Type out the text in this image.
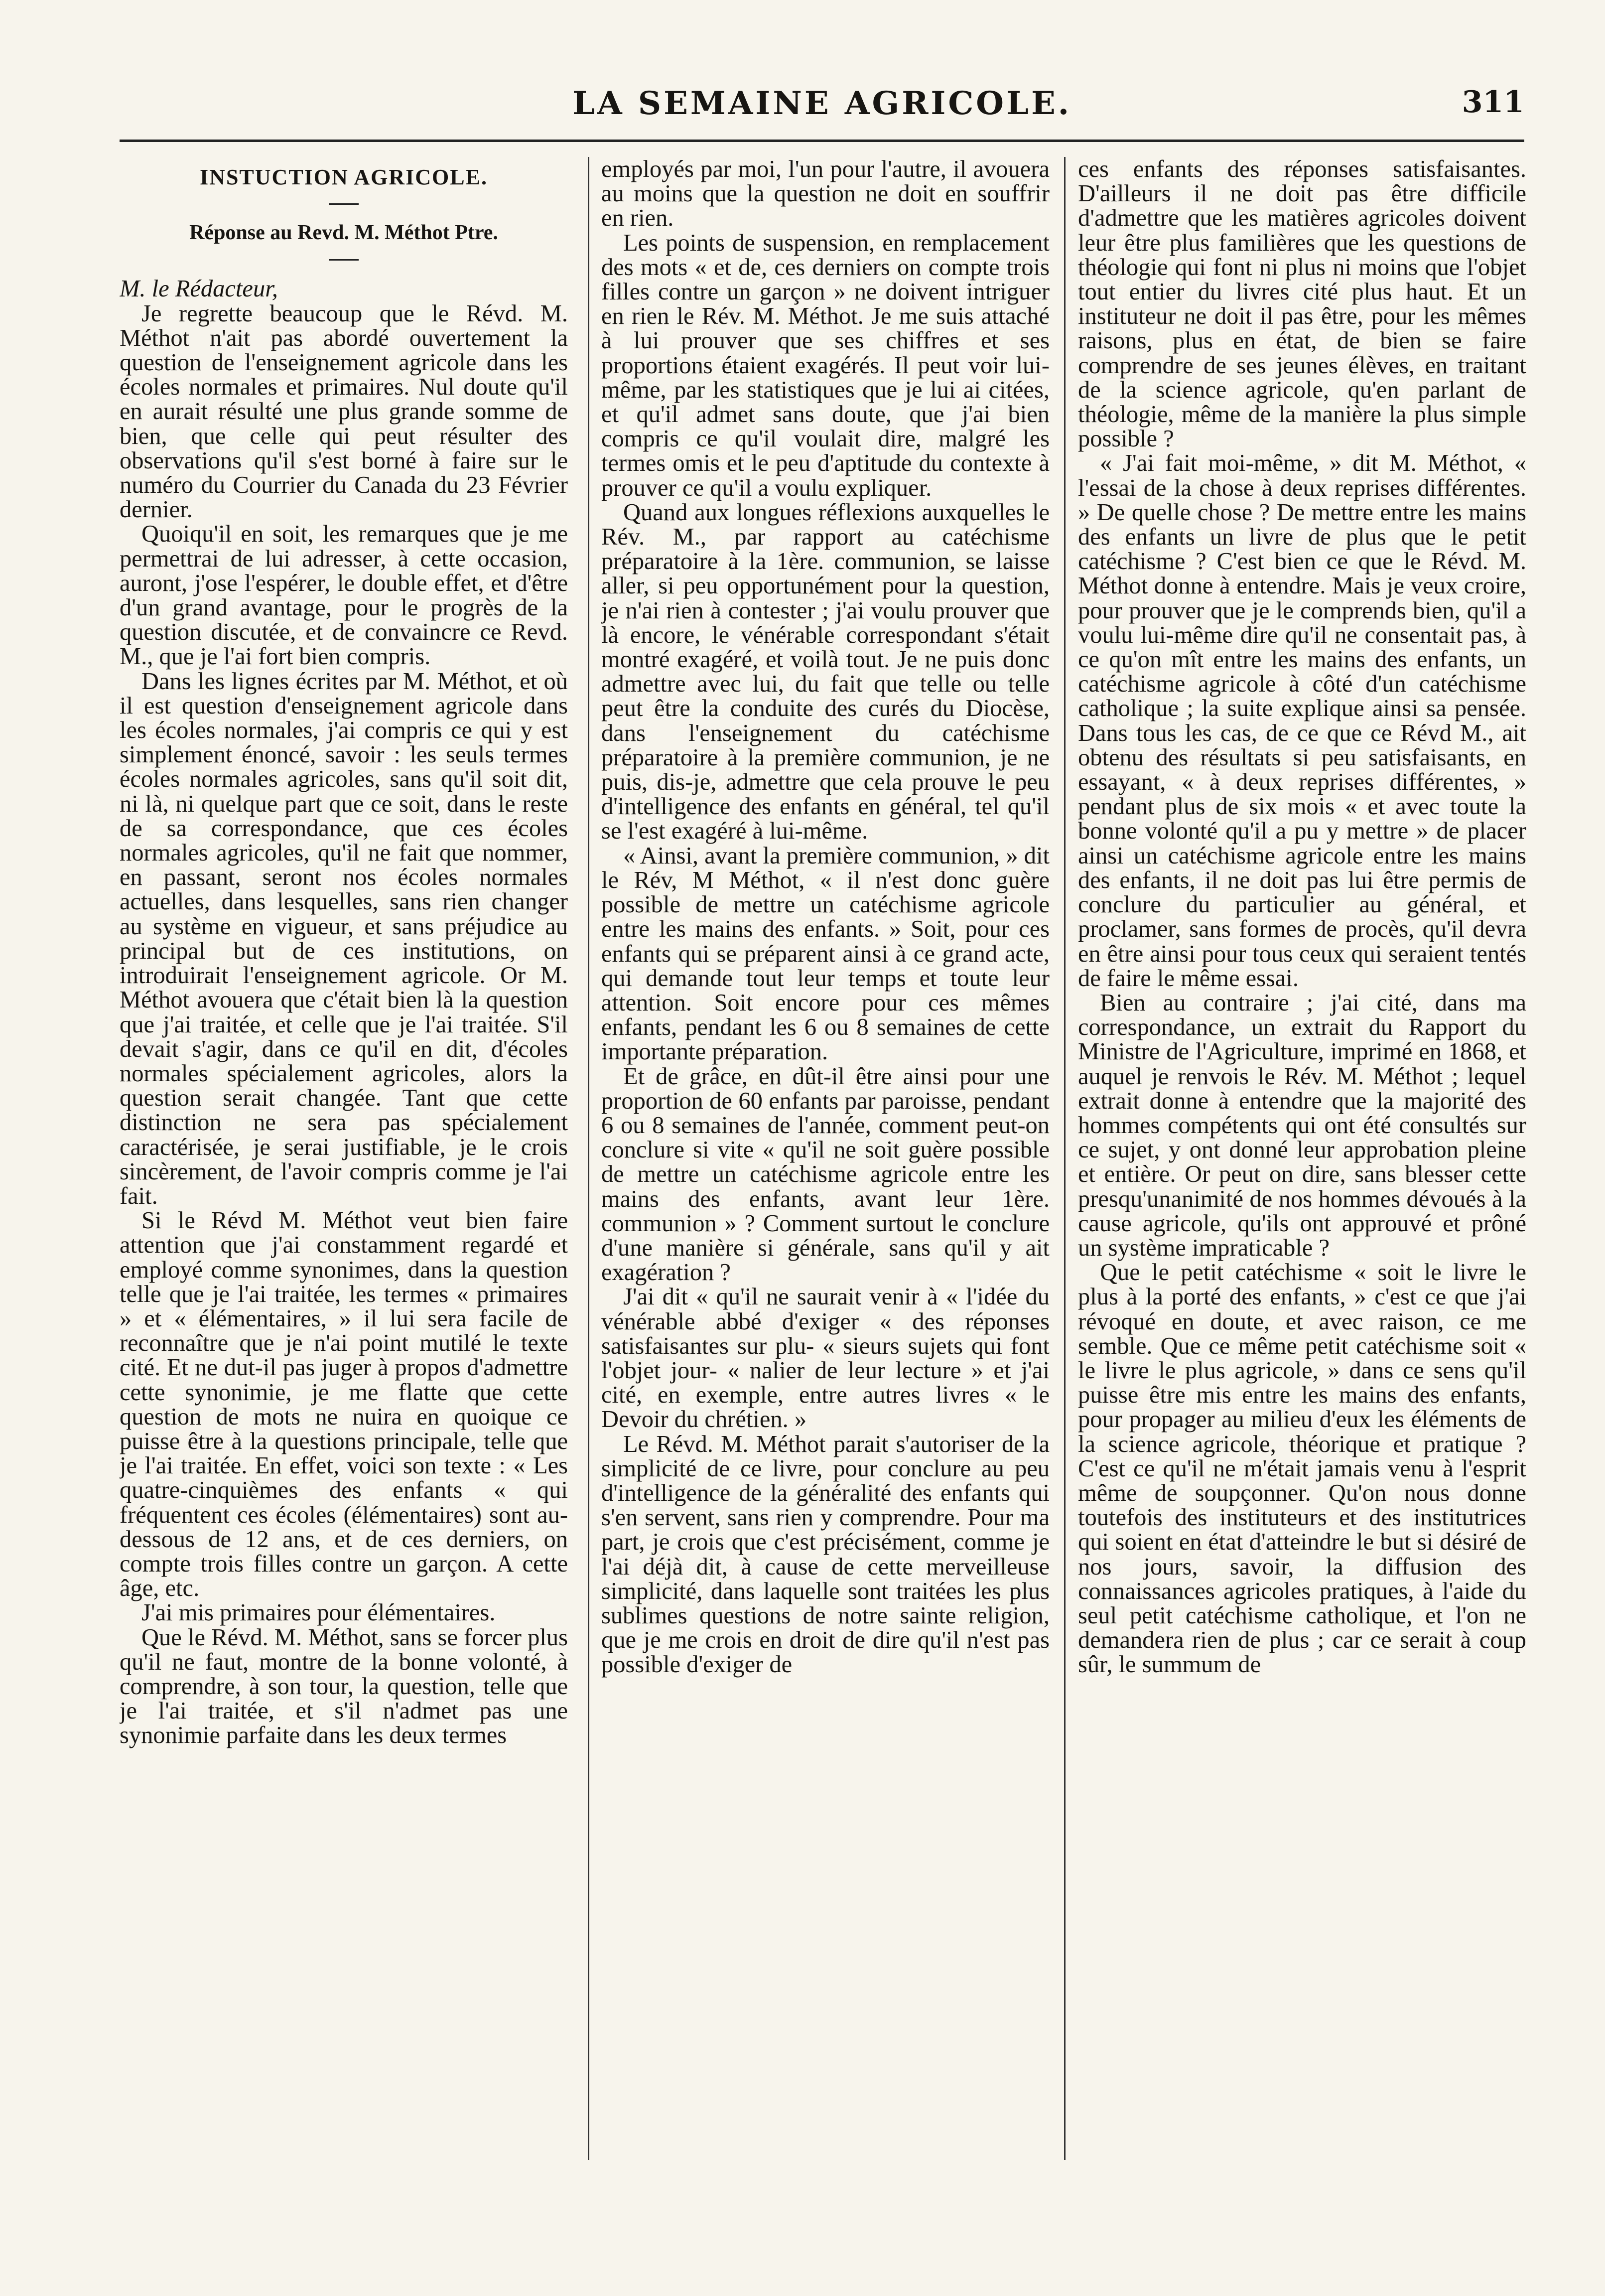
LA SEMAINE AGRICOLE.	311
INSTUCTION AGRICOLE.
Réponse au Revd. M. Méthot Ptre.

M. le Rédacteur,

Je regrette beaucoup que le Révd. M. Méthot n'ait pas abordé ouvertement la question de l'enseignement agricole dans les écoles normales et primaires. Nul doute qu'il en aurait résulté une plus grande somme de bien, que celle qui peut résulter des observations qu'il s'est borné à faire sur le numéro du Courrier du Canada du 23 Février dernier.

Quoiqu'il en soit, les remarques que je me permettrai de lui adresser, à cette occasion, auront, j'ose l'espérer, le double effet, et d'être d'un grand avantage, pour le progrès de la question discutée, et de convaincre ce Revd. M., que je l'ai fort bien compris.

Dans les lignes écrites par M. Méthot, et où il est question d'enseignement agricole dans les écoles normales, j'ai compris ce qui y est simplement énoncé, savoir : les seuls termes écoles normales agricoles, sans qu'il soit dit, ni là, ni quelque part que ce soit, dans le reste de sa correspondance, que ces écoles normales agricoles, qu'il ne fait que nommer, en passant, seront nos écoles normales actuelles, dans lesquelles, sans rien changer au système en vigueur, et sans préjudice au principal but de ces institutions, on introduirait l'enseignement agricole. Or M. Méthot avouera que c'était bien là la question que j'ai traitée, et celle que je l'ai traitée. S'il devait s'agir, dans ce qu'il en dit, d'écoles normales spécialement agricoles, alors la question serait changée. Tant que cette distinction ne sera pas spécialement caractérisée, je serai justifiable, je le crois sincèrement, de l'avoir compris comme je l'ai fait.

Si le Révd M. Méthot veut bien faire attention que j'ai constamment regardé et employé comme synonimes, dans la question telle que je l'ai traitée, les termes « primaires » et « élémentaires, » il lui sera facile de reconnaître que je n'ai point mutilé le texte cité. Et ne dut-il pas juger à propos d'admettre cette synonimie, je me flatte que cette question de mots ne nuira en quoique ce puisse être à la questions principale, telle que je l'ai traitée. En effet, voici son texte : « Les quatre-cinquièmes des enfants « qui fréquentent ces écoles (élémentaires) sont au-dessous de 12 ans, et de ces derniers, on compte trois filles contre un garçon. A cette âge, etc.

J'ai mis primaires pour élémentaires.

Que le Révd. M. Méthot, sans se forcer plus qu'il ne faut, montre de la bonne volonté, à comprendre, à son tour, la question, telle que je l'ai traitée, et s'il n'admet pas une synonimie parfaite dans les deux termes

employés par moi, l'un pour l'autre, il avouera au moins que la question ne doit en souffrir en rien.

Les points de suspension, en remplacement des mots « et de, ces derniers on compte trois filles contre un garçon » ne doivent intriguer en rien le Rév. M. Méthot. Je me suis attaché à lui prouver que ses chiffres et ses proportions étaient exagérés. Il peut voir lui-même, par les statistiques que je lui ai citées, et qu'il admet sans doute, que j'ai bien compris ce qu'il voulait dire, malgré les termes omis et le peu d'aptitude du contexte à prouver ce qu'il a voulu expliquer.

Quand aux longues réflexions auxquelles le Rév. M., par rapport au catéchisme préparatoire à la 1ère. communion, se laisse aller, si peu opportunément pour la question, je n'ai rien à contester ; j'ai voulu prouver que là encore, le vénérable correspondant s'était montré exagéré, et voilà tout. Je ne puis donc admettre avec lui, du fait que telle ou telle peut être la conduite des curés du Diocèse, dans l'enseignement du catéchisme préparatoire à la première communion, je ne puis, dis-je, admettre que cela prouve le peu d'intelligence des enfants en général, tel qu'il se l'est exagéré à lui-même.

« Ainsi, avant la première communion, » dit le Rév, M Méthot, « il n'est donc guère possible de mettre un catéchisme agricole entre les mains des enfants. » Soit, pour ces enfants qui se préparent ainsi à ce grand acte, qui demande tout leur temps et toute leur attention. Soit encore pour ces mêmes enfants, pendant les 6 ou 8 semaines de cette importante préparation.

Et de grâce, en dût-il être ainsi pour une proportion de 60 enfants par paroisse, pendant 6 ou 8 semaines de l'année, comment peut-on conclure si vite « qu'il ne soit guère possible de mettre un catéchisme agricole entre les mains des enfants, avant leur 1ère. communion » ? Comment surtout le conclure d'une manière si générale, sans qu'il y ait exagération ?

J'ai dit « qu'il ne saurait venir à « l'idée du vénérable abbé d'exiger « des réponses satisfaisantes sur plu- « sieurs sujets qui font l'objet jour- « nalier de leur lecture » et j'ai cité, en exemple, entre autres livres « le Devoir du chrétien. »

Le Révd. M. Méthot parait s'autoriser de la simplicité de ce livre, pour conclure au peu d'intelligence de la généralité des enfants qui s'en servent, sans rien y comprendre. Pour ma part, je crois que c'est précisément, comme je l'ai déjà dit, à cause de cette merveilleuse simplicité, dans laquelle sont traitées les plus sublimes questions de notre sainte religion, que je me crois en droit de dire qu'il n'est pas possible d'exiger de

ces enfants des réponses satisfaisantes. D'ailleurs il ne doit pas être difficile d'admettre que les matières agricoles doivent leur être plus familières que les questions de théologie qui font ni plus ni moins que l'objet tout entier du livres cité plus haut. Et un instituteur ne doit il pas être, pour les mêmes raisons, plus en état, de bien se faire comprendre de ses jeunes élèves, en traitant de la science agricole, qu'en parlant de théologie, même de la manière la plus simple possible ?

« J'ai fait moi-même, » dit M. Méthot, « l'essai de la chose à deux reprises différentes. » De quelle chose ? De mettre entre les mains des enfants un livre de plus que le petit catéchisme ? C'est bien ce que le Révd. M. Méthot donne à entendre. Mais je veux croire, pour prouver que je le comprends bien, qu'il a voulu lui-même dire qu'il ne consentait pas, à ce qu'on mît entre les mains des enfants, un catéchisme agricole à côté d'un catéchisme catholique ; la suite explique ainsi sa pensée. Dans tous les cas, de ce que ce Révd M., ait obtenu des résultats si peu satisfaisants, en essayant, « à deux reprises différentes, » pendant plus de six mois « et avec toute la bonne volonté qu'il a pu y mettre » de placer ainsi un catéchisme agricole entre les mains des enfants, il ne doit pas lui être permis de conclure du particulier au général, et proclamer, sans formes de procès, qu'il devra en être ainsi pour tous ceux qui seraient tentés de faire le même essai.

Bien au contraire ; j'ai cité, dans ma correspondance, un extrait du Rapport du Ministre de l'Agriculture, imprimé en 1868, et auquel je renvois le Rév. M. Méthot ; lequel extrait donne à entendre que la majorité des hommes compétents qui ont été consultés sur ce sujet, y ont donné leur approbation pleine et entière. Or peut on dire, sans blesser cette presqu'unanimité de nos hommes dévoués à la cause agricole, qu'ils ont approuvé et prôné un système impraticable ?

Que le petit catéchisme « soit le livre le plus à la porté des enfants, » c'est ce que j'ai révoqué en doute, et avec raison, ce me semble. Que ce même petit catéchisme soit « le livre le plus agricole, » dans ce sens qu'il puisse être mis entre les mains des enfants, pour propager au milieu d'eux les éléments de la science agricole, théorique et pratique ? C'est ce qu'il ne m'était jamais venu à l'esprit même de soupçonner. Qu'on nous donne toutefois des instituteurs et des institutrices qui soient en état d'atteindre le but si désiré de nos jours, savoir, la diffusion des connaissances agricoles pratiques, à l'aide du seul petit catéchisme catholique, et l'on ne demandera rien de plus ; car ce serait à coup sûr, le summum de
